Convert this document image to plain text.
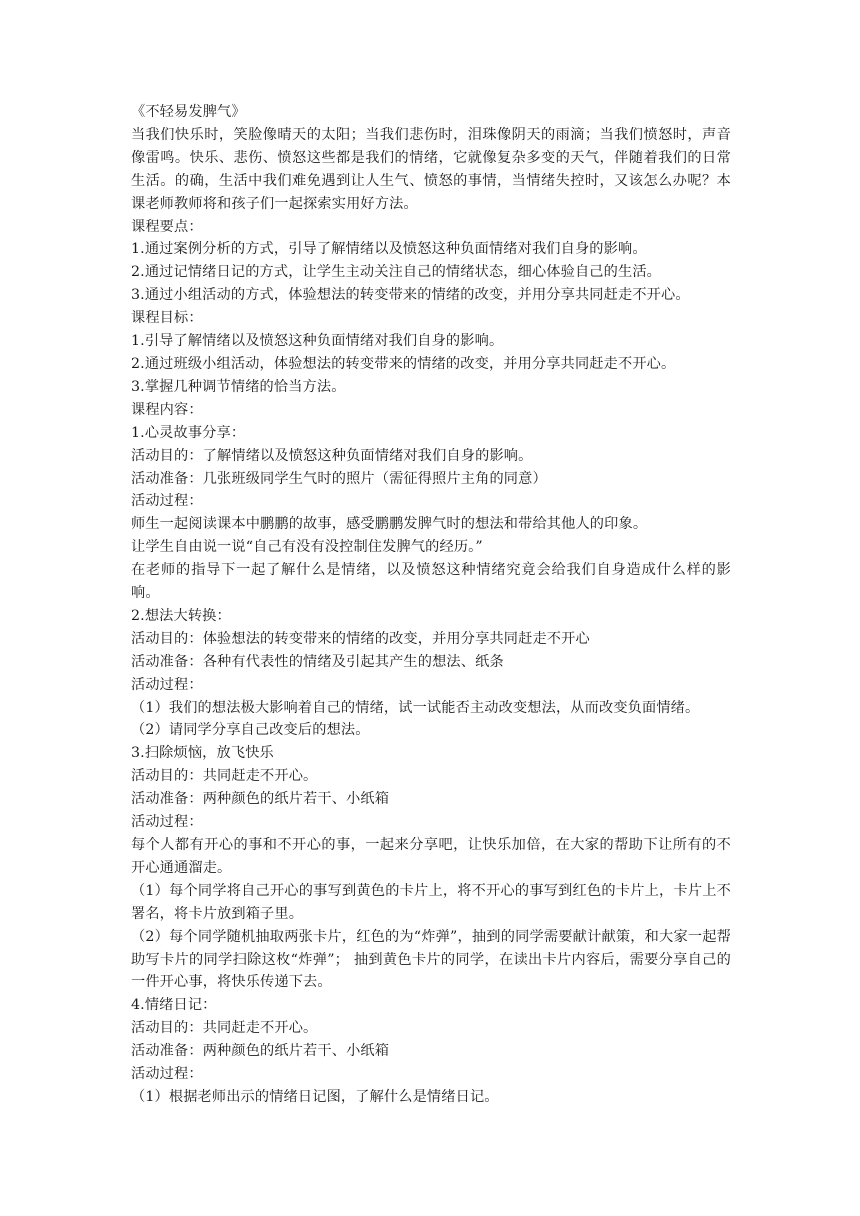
《不轻易发脾气》

当我们快乐时，笑脸像晴天的太阳；当我们悲伤时，泪珠像阴天的雨滴；当我们愤怒时，声音像雷鸣。快乐、悲伤、愤怒这些都是我们的情绪，它就像复杂多变的天气，伴随着我们的日常生活。的确，生活中我们难免遇到让人生气、愤怒的事情，当情绪失控时，又该怎么办呢？本课老师教师将和孩子们一起探索实用好方法。

课程要点：

1.通过案例分析的方式，引导了解情绪以及愤怒这种负面情绪对我们自身的影响。

2.通过记情绪日记的方式，让学生主动关注自己的情绪状态，细心体验自己的生活。

3.通过小组活动的方式，体验想法的转变带来的情绪的改变，并用分享共同赶走不开心。

课程目标：

1.引导了解情绪以及愤怒这种负面情绪对我们自身的影响。

2.通过班级小组活动，体验想法的转变带来的情绪的改变，并用分享共同赶走不开心。

3.掌握几种调节情绪的恰当方法。

课程内容：

1.心灵故事分享：

活动目的：了解情绪以及愤怒这种负面情绪对我们自身的影响。

活动准备：几张班级同学生气时的照片（需征得照片主角的同意）

活动过程：

师生一起阅读课本中鹏鹏的故事，感受鹏鹏发脾气时的想法和带给其他人的印象。

让学生自由说一说“自己有没有没控制住发脾气的经历。”

在老师的指导下一起了解什么是情绪，以及愤怒这种情绪究竟会给我们自身造成什么样的影响。

2.想法大转换：

活动目的：体验想法的转变带来的情绪的改变，并用分享共同赶走不开心

活动准备：各种有代表性的情绪及引起其产生的想法、纸条

活动过程：

（1）我们的想法极大影响着自己的情绪，试一试能否主动改变想法，从而改变负面情绪。

（2）请同学分享自己改变后的想法。

3.扫除烦恼，放飞快乐

活动目的：共同赶走不开心。

活动准备：两种颜色的纸片若干、小纸箱

活动过程：

每个人都有开心的事和不开心的事，一起来分享吧，让快乐加倍，在大家的帮助下让所有的不开心通通溜走。

（1）每个同学将自己开心的事写到黄色的卡片上，将不开心的事写到红色的卡片上，卡片上不署名，将卡片放到箱子里。

（2）每个同学随机抽取两张卡片，红色的为“炸弹”，抽到的同学需要献计献策，和大家一起帮助写卡片的同学扫除这枚“炸弹”； 抽到黄色卡片的同学，在读出卡片内容后，需要分享自己的一件开心事，将快乐传递下去。

4.情绪日记：

活动目的：共同赶走不开心。

活动准备：两种颜色的纸片若干、小纸箱

活动过程：

（1）根据老师出示的情绪日记图，了解什么是情绪日记。
